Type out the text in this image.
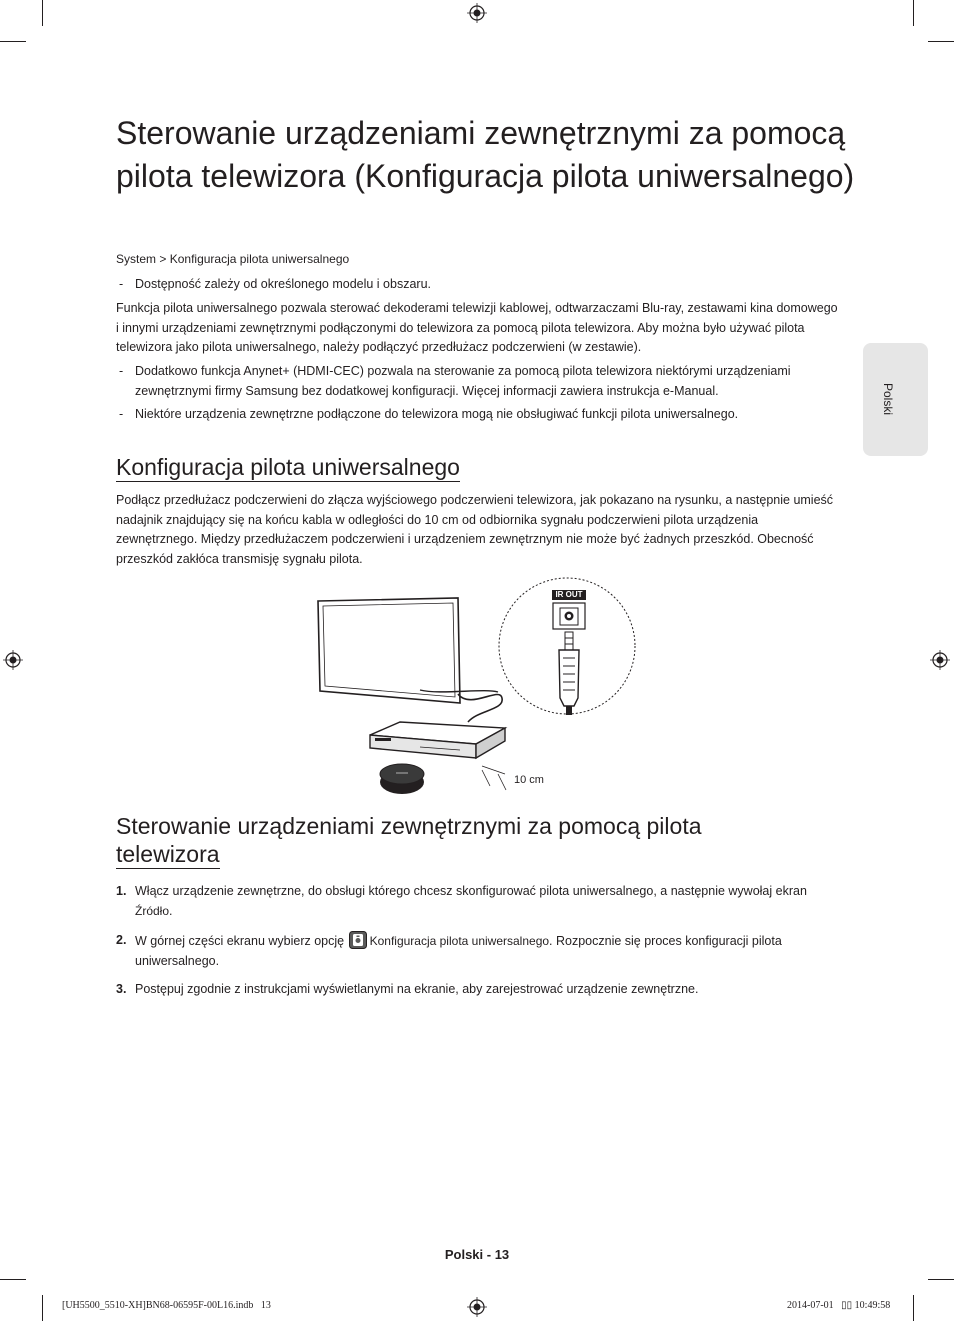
Polski
Sterowanie urządzeniami zewnętrznymi za pomocą pilota telewizora (Konfiguracja pilota uniwersalnego)
System > Konfiguracja pilota uniwersalnego
- Dostępność zależy od określonego modelu i obszaru.

Funkcja pilota uniwersalnego pozwala sterować dekoderami telewizji kablowej, odtwarzaczami Blu-ray, zestawami kina domowego i innymi urządzeniami zewnętrznymi podłączonymi do telewizora za pomocą pilota telewizora. Aby można było używać pilota telewizora jako pilota uniwersalnego, należy podłączyć przedłużacz podczerwieni (w zestawie).

- Dodatkowo funkcja Anynet+ (HDMI-CEC) pozwala na sterowanie za pomocą pilota telewizora niektórymi urządzeniami zewnętrznymi firmy Samsung bez dodatkowej konfiguracji. Więcej informacji zawiera instrukcja e-Manual.
- Niektóre urządzenia zewnętrzne podłączone do telewizora mogą nie obsługiwać funkcji pilota uniwersalnego.
Konfiguracja pilota uniwersalnego

Podłącz przedłużacz podczerwieni do złącza wyjściowego podczerwieni telewizora, jak pokazano na rysunku, a następnie umieść nadajnik znajdujący się na końcu kabla w odległości do 10 cm od odbiornika sygnału podczerwieni pilota urządzenia zewnętrznego. Między przedłużaczem podczerwieni i urządzeniem zewnętrznym nie może być żadnych przeszkód. Obecność przeszkód zakłóca transmisję sygnału pilota.

IR OUT
10 cm
Sterowanie urządzeniami zewnętrznymi za pomocą pilota
telewizora
1. Włącz urządzenie zewnętrzne, do obsługi którego chcesz skonfigurować pilota uniwersalnego, a następnie wywołaj ekran Źródło.
2. W górnej części ekranu wybierz opcję Konfiguracja pilota uniwersalnego. Rozpocznie się proces konfiguracji pilota uniwersalnego.
3. Postępuj zgodnie z instrukcjami wyświetlanymi na ekranie, aby zarejestrować urządzenie zewnętrzne.
Polski - 13
[UH5500_5510-XH]BN68-06595F-00L16.indb   13	2014-07-01   ▯▯ 10:49:58
